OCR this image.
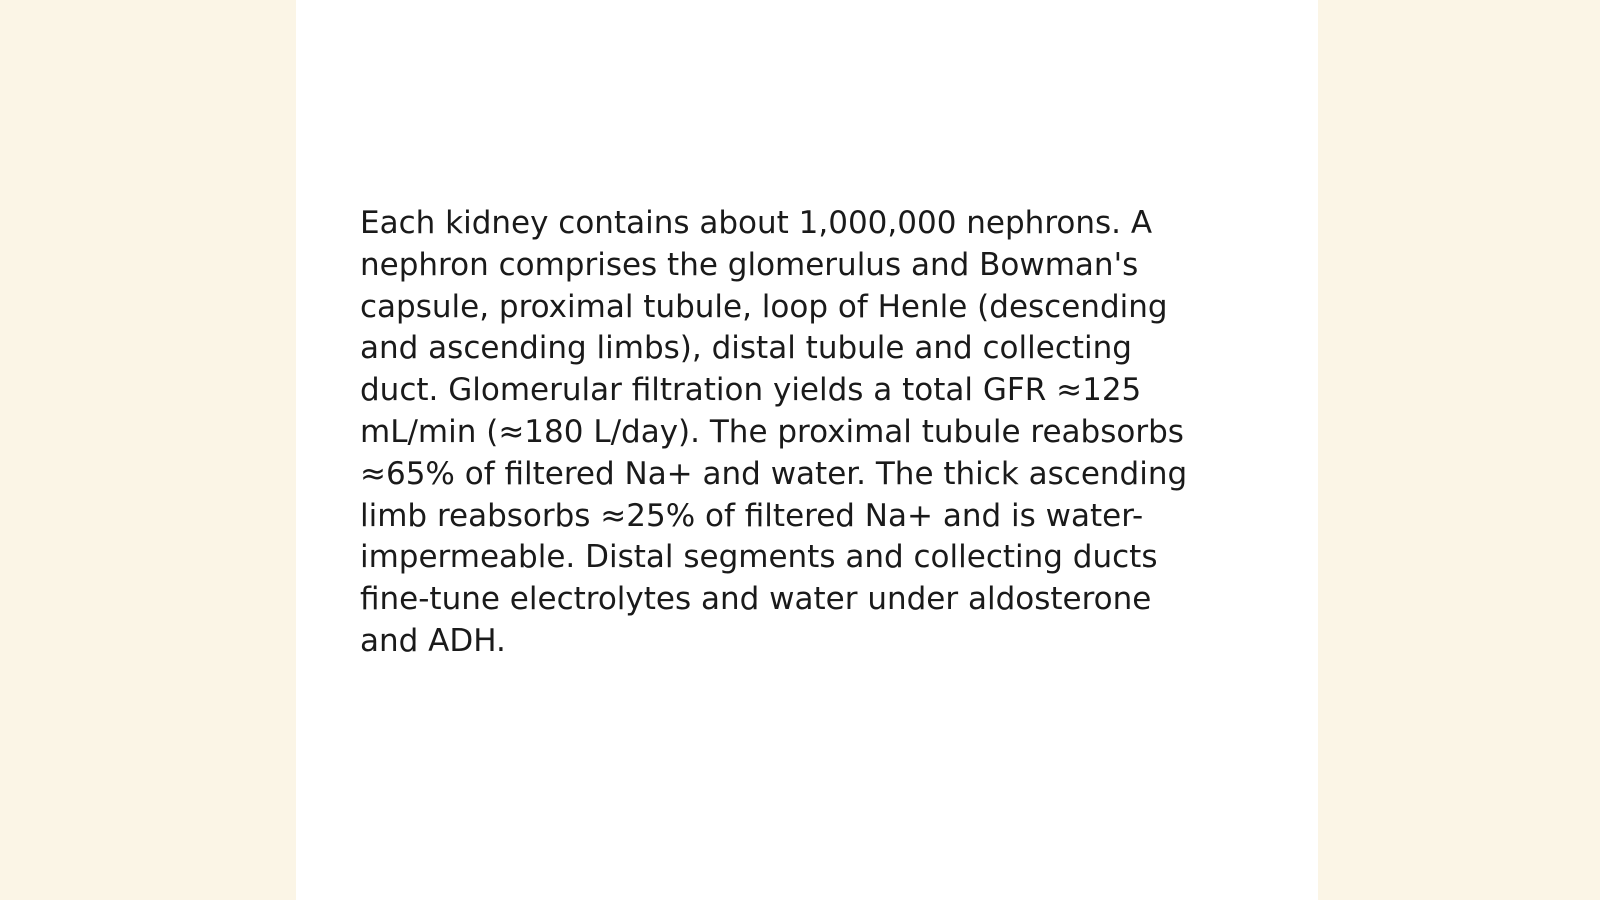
Each kidney contains about 1,000,000 nephrons. A
nephron comprises the glomerulus and Bowman's
capsule, proximal tubule, loop of Henle (descending
and ascending limbs), distal tubule and collecting
duct. Glomerular filtration yields a total GFR ≈125
mL/min (≈180 L/day). The proximal tubule reabsorbs
≈65% of filtered Na+ and water. The thick ascending
limb reabsorbs ≈25% of filtered Na+ and is water-
impermeable. Distal segments and collecting ducts
fine-tune electrolytes and water under aldosterone
and ADH.
